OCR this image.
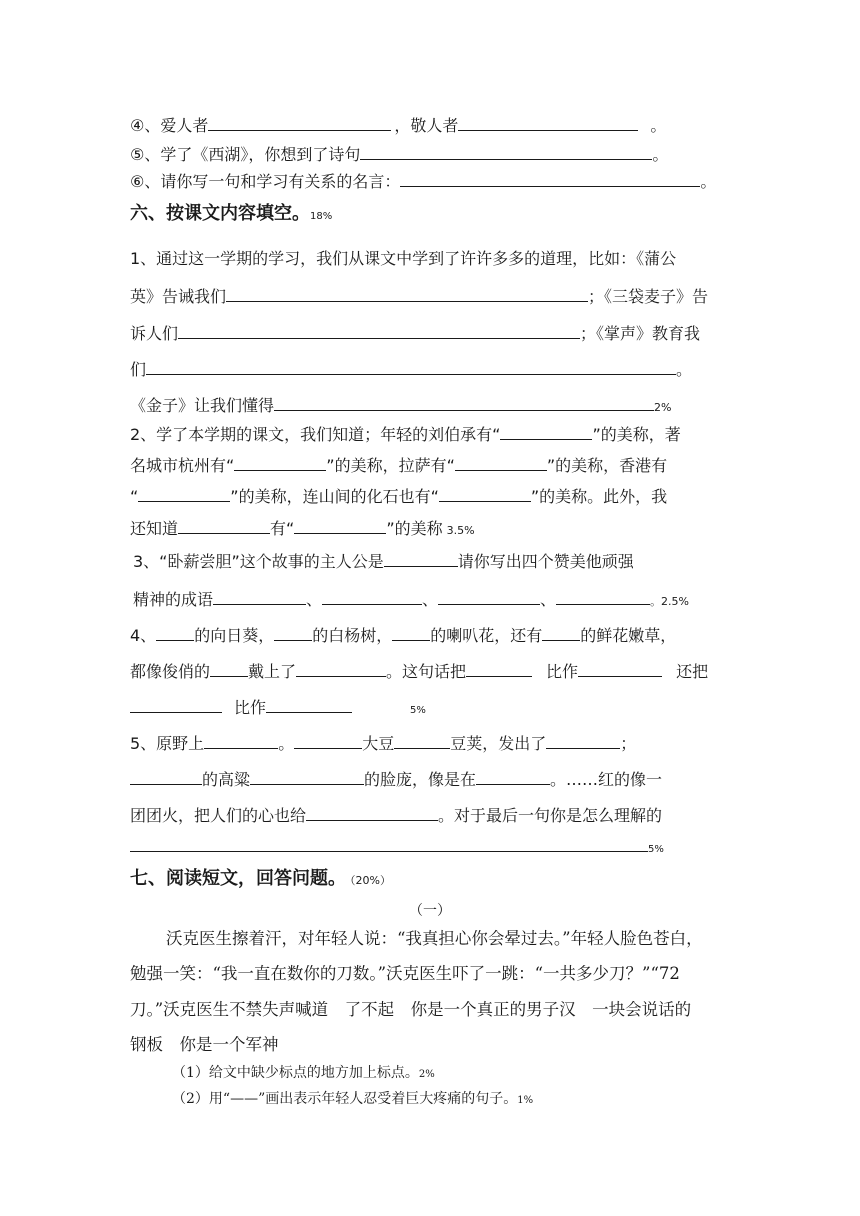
④、爱人者	，敬人者	。
⑤、学了《西湖》，你想到了诗句	。
⑥、请你写一句和学习有关系的名言：	。
六、按课文内容填空。18%
1、通过这一学期的学习，我们从课文中学到了许许多多的道理，比如：《蒲公
英》告诫我们	；《三袋麦子》告
诉人们	；《掌声》教育我
们	。
《金子》让我们懂得	2%
2、学了本学期的课文，我们知道；年轻的刘伯承有“	”的美称，著
名城市杭州有“	”的美称，拉萨有“	”的美称，香港有
“	”的美称，连山间的化石也有“	”的美称。此外，我
还知道	有“	”的美称 3.5%
3、“卧薪尝胆”这个故事的主人公是	请你写出四个赞美他顽强
精神的成语	、	、	、	。2.5%
4、 的向日葵， 的白杨树， 的喇叭花，还有 的鲜花嫩草，
都像俊俏的 戴上了	。这句话把	比作	还把
比作	5%
5、原野上	。	大豆	豆荚，发出了	；
的高粱	的脸庞，像是在	。……红的像一
团团火，把人们的心也给	。对于最后一句你是怎么理解的
5%
七、阅读短文，回答问题。 （20%）
（一）
沃克医生擦着汗，对年轻人说：“我真担心你会晕过去。”年轻人脸色苍白，
勉强一笑：“我一直在数你的刀数。”沃克医生吓了一跳：“一共多少刀？”“72
刀。”沃克医生不禁失声喊道　了不起　你是一个真正的男子汉　一块会说话的
钢板　你是一个军神
（1）给文中缺少标点的地方加上标点。2%
（2）用“——”画出表示年轻人忍受着巨大疼痛的句子。1%
